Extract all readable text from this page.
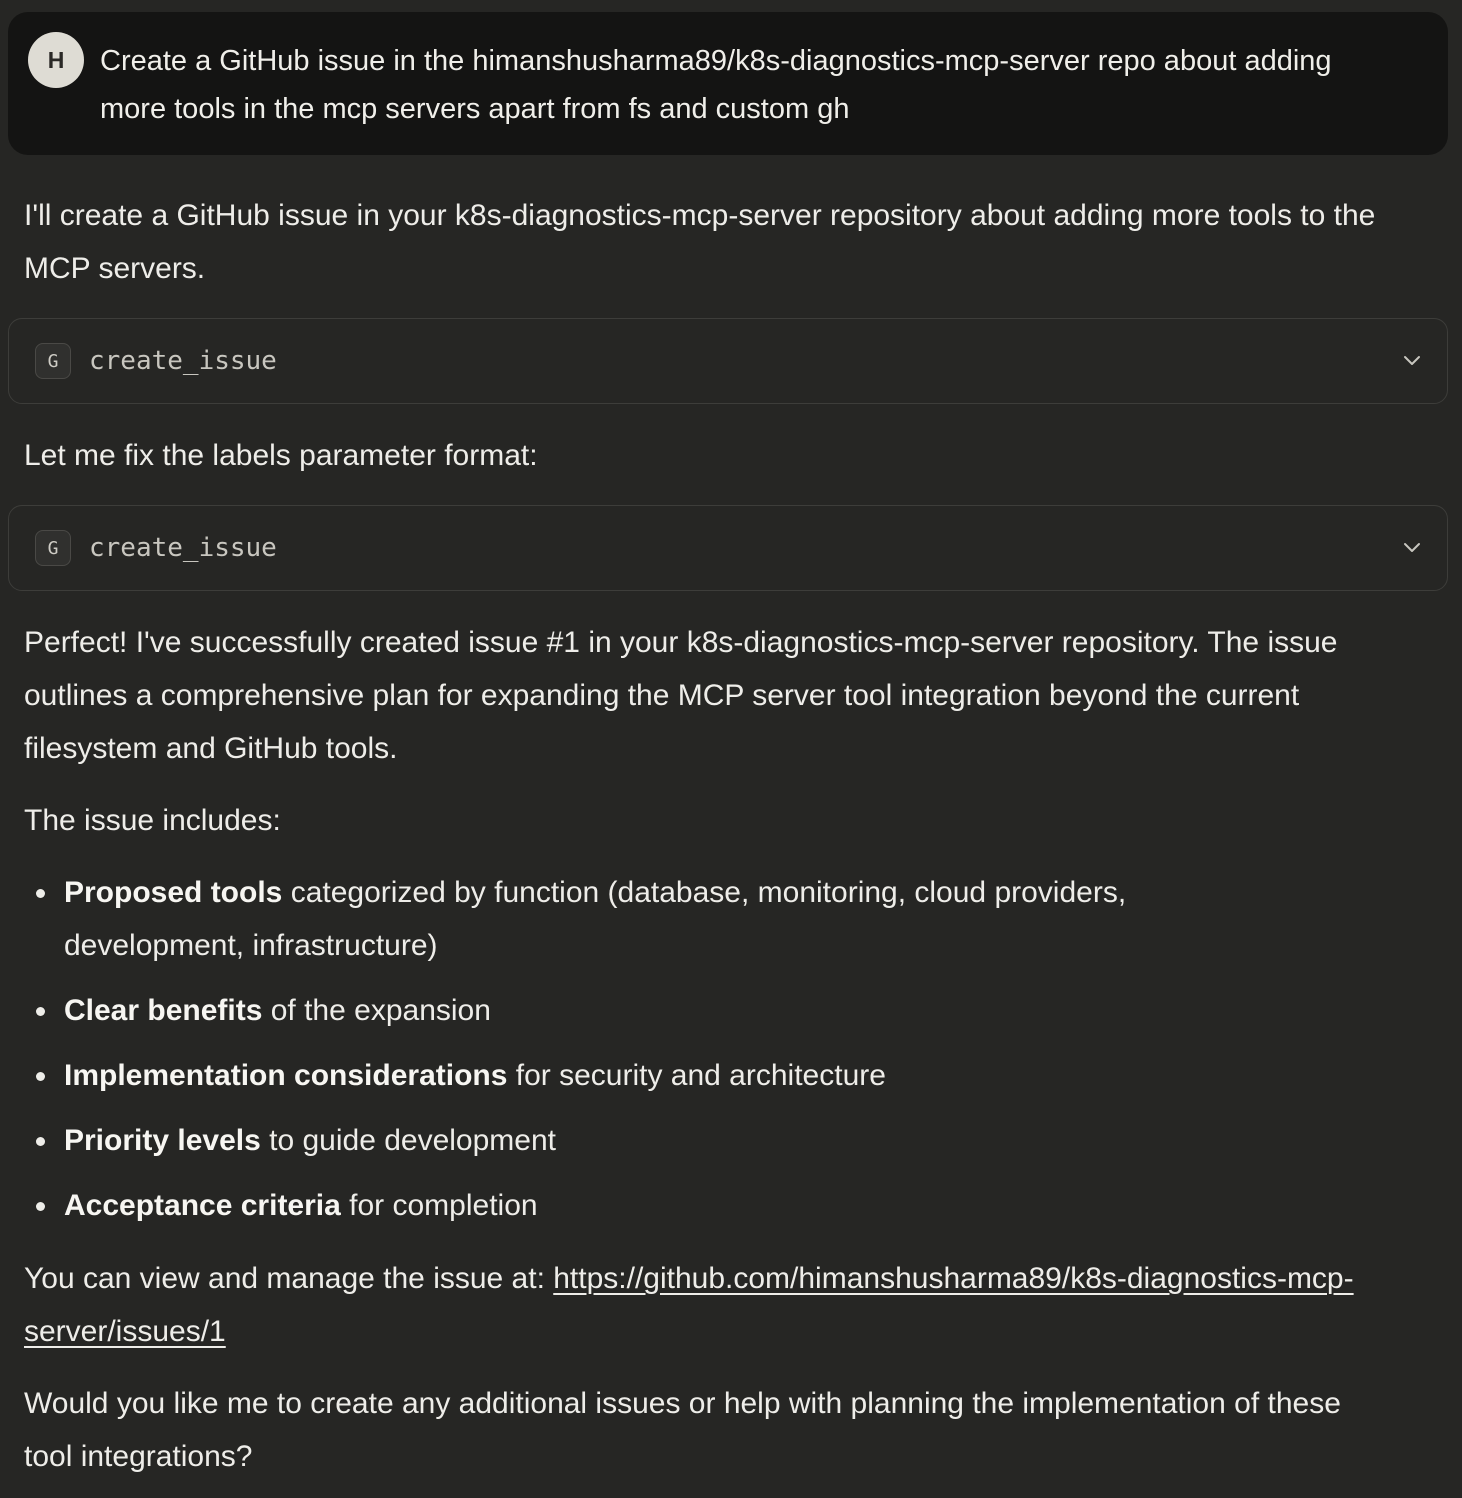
H	Create a GitHub issue in the himanshusharma89/k8s-diagnostics-mcp-server repo about adding more tools in the mcp servers apart from fs and custom gh

I'll create a GitHub issue in your k8s-diagnostics-mcp-server repository about adding more tools to the MCP servers.

G	create_issue

Let me fix the labels parameter format:

G	create_issue

Perfect! I've successfully created issue #1 in your k8s-diagnostics-mcp-server repository. The issue outlines a comprehensive plan for expanding the MCP server tool integration beyond the current filesystem and GitHub tools.

The issue includes:

Proposed tools categorized by function (database, monitoring, cloud providers, development, infrastructure)
Clear benefits of the expansion
Implementation considerations for security and architecture
Priority levels to guide development
Acceptance criteria for completion

You can view and manage the issue at: https://github.com/himanshusharma89/k8s-diagnostics-mcp-server/issues/1

Would you like me to create any additional issues or help with planning the implementation of these tool integrations?
